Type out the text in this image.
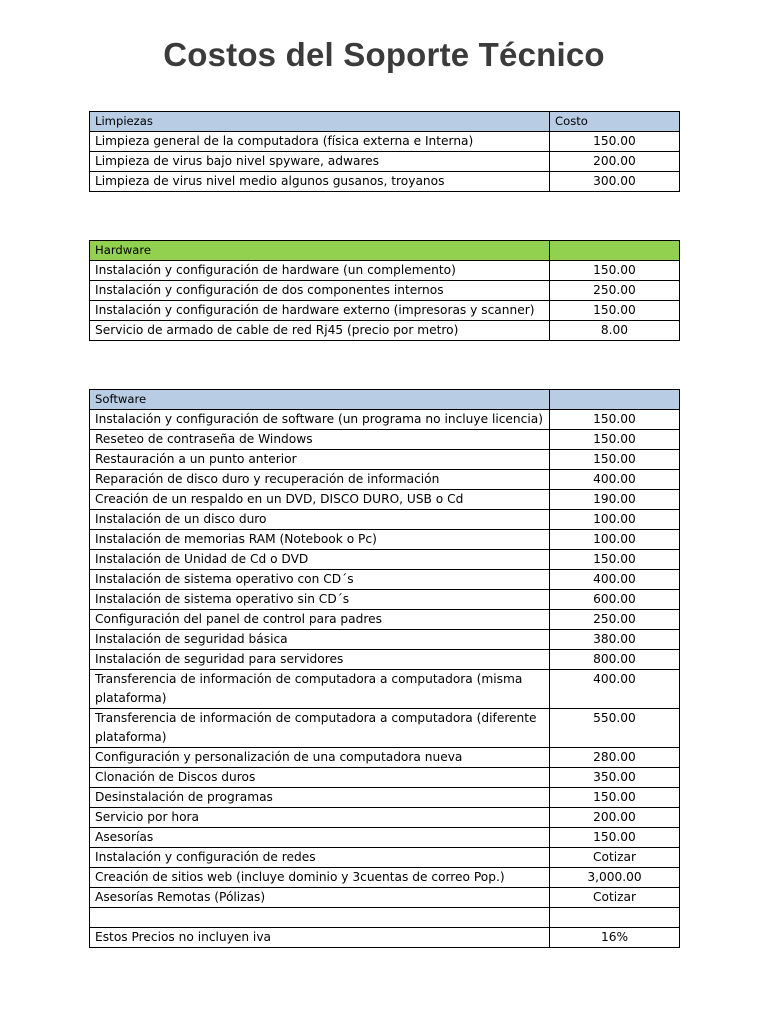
Costos del Soporte Técnico
Limpiezas	Costo
Limpieza general de la computadora (física externa e Interna)	150.00
Limpieza de virus bajo nivel spyware, adwares	200.00
Limpieza de virus nivel medio algunos gusanos, troyanos	300.00
Hardware	
Instalación y configuración de hardware (un complemento)	150.00
Instalación y configuración de dos componentes internos	250.00
Instalación y configuración de hardware externo (impresoras y scanner)	150.00
Servicio de armado de cable de red Rj45 (precio por metro)	8.00
Software	
Instalación y configuración de software (un programa no incluye licencia)	150.00
Reseteo de contraseña de Windows	150.00
Restauración a un punto anterior	150.00
Reparación de disco duro y recuperación de información	400.00
Creación de un respaldo en un DVD, DISCO DURO, USB o Cd	190.00
Instalación de un disco duro	100.00
Instalación de memorias RAM (Notebook o Pc)	100.00
Instalación de Unidad de Cd o DVD	150.00
Instalación de sistema operativo con CD´s	400.00
Instalación de sistema operativo sin CD´s	600.00
Configuración del panel de control para padres	250.00
Instalación de seguridad básica	380.00
Instalación de seguridad para servidores	800.00
Transferencia de información de computadora a computadora (misma plataforma)	400.00
Transferencia de información de computadora a computadora (diferente plataforma)	550.00
Configuración y personalización de una computadora nueva	280.00
Clonación de Discos duros	350.00
Desinstalación de programas	150.00
Servicio por hora	200.00
Asesorías	150.00
Instalación y configuración de redes	Cotizar
Creación de sitios web (incluye dominio y 3cuentas de correo Pop.)	3,000.00
Asesorías Remotas (Pólizas)	Cotizar

Estos Precios no incluyen iva	16%
